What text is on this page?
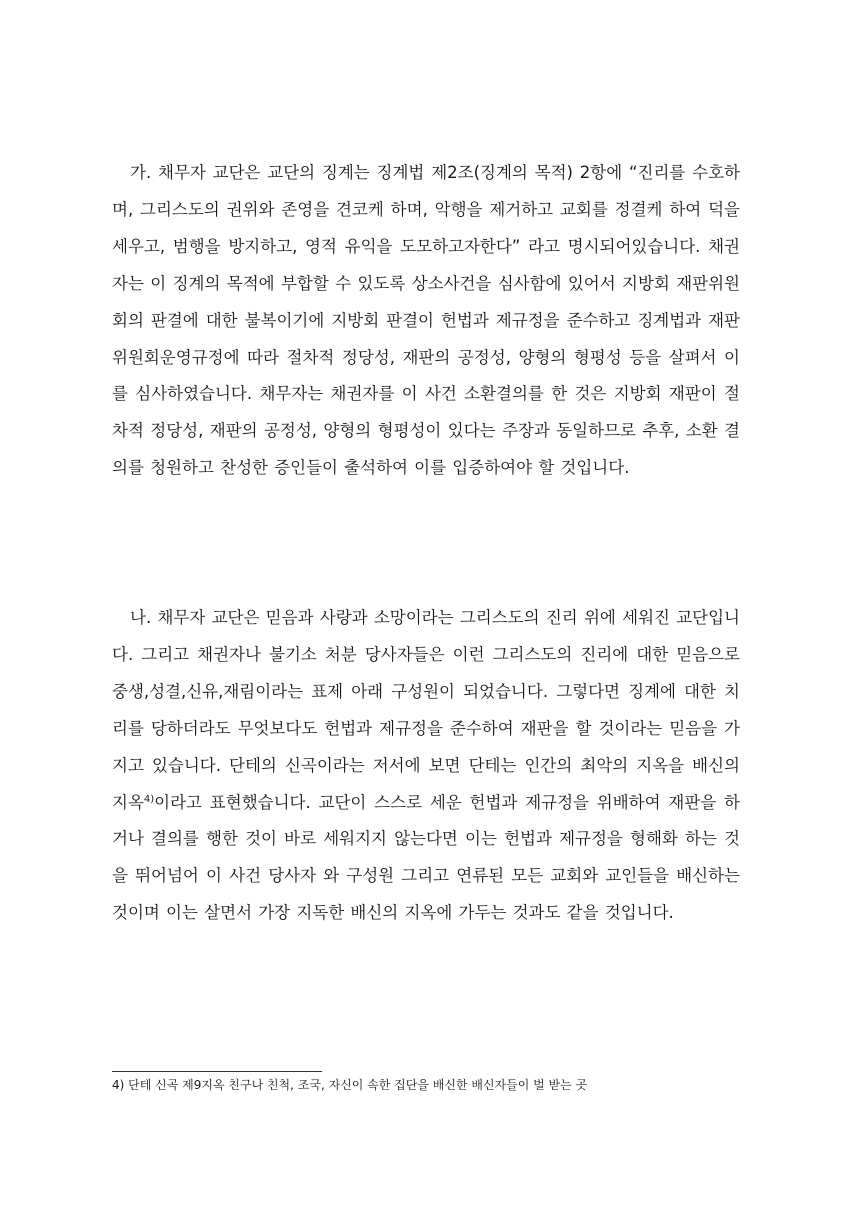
가. 채무자 교단은 교단의 징계는 징계법 제2조(징계의 목적) 2항에 “진리를 수호하며, 그리스도의 권위와 존영을 견코케 하며, 악행을 제거하고 교회를 정결케 하여 덕을 세우고, 범행을 방지하고, 영적 유익을 도모하고자한다” 라고 명시되어있습니다. 채권자는 이 징계의 목적에 부합할 수 있도록 상소사건을 심사함에 있어서 지방회 재판위원회의 판결에 대한 불복이기에 지방회 판결이 헌법과 제규정을 준수하고 징계법과 재판위원회운영규정에 따라 절차적 정당성, 재판의 공정성, 양형의 형평성 등을 살펴서 이를 심사하였습니다. 채무자는 채권자를 이 사건 소환결의를 한 것은 지방회 재판이 절차적 정당성, 재판의 공정성, 양형의 형평성이 있다는 주장과 동일하므로 추후, 소환 결의를 청원하고 찬성한 증인들이 출석하여 이를 입증하여야 할 것입니다.

나. 채무자 교단은 믿음과 사랑과 소망이라는 그리스도의 진리 위에 세워진 교단입니다. 그리고 채권자나 불기소 처분 당사자들은 이런 그리스도의 진리에 대한 믿음으로 중생,성결,신유,재림이라는 표제 아래 구성원이 되었습니다. 그렇다면 징계에 대한 치리를 당하더라도 무엇보다도 헌법과 제규정을 준수하여 재판을 할 것이라는 믿음을 가지고 있습니다. 단테의 신곡이라는 저서에 보면 단테는 인간의 최악의 지옥을 배신의 지옥$^{4)}$이라고 표현했습니다. 교단이 스스로 세운 헌법과 제규정을 위배하여 재판을 하거나 결의를 행한 것이 바로 세워지지 않는다면 이는 헌법과 제규정을 형해화 하는 것을 뛰어넘어 이 사건 당사자 와 구성원 그리고 연류된 모든 교회와 교인들을 배신하는 것이며 이는 살면서 가장 지독한 배신의 지옥에 가두는 것과도 같을 것입니다.

4) 단테 신곡 제9지옥 친구나 친척, 조국, 자신이 속한 집단을 배신한 배신자들이 벌 받는 곳
